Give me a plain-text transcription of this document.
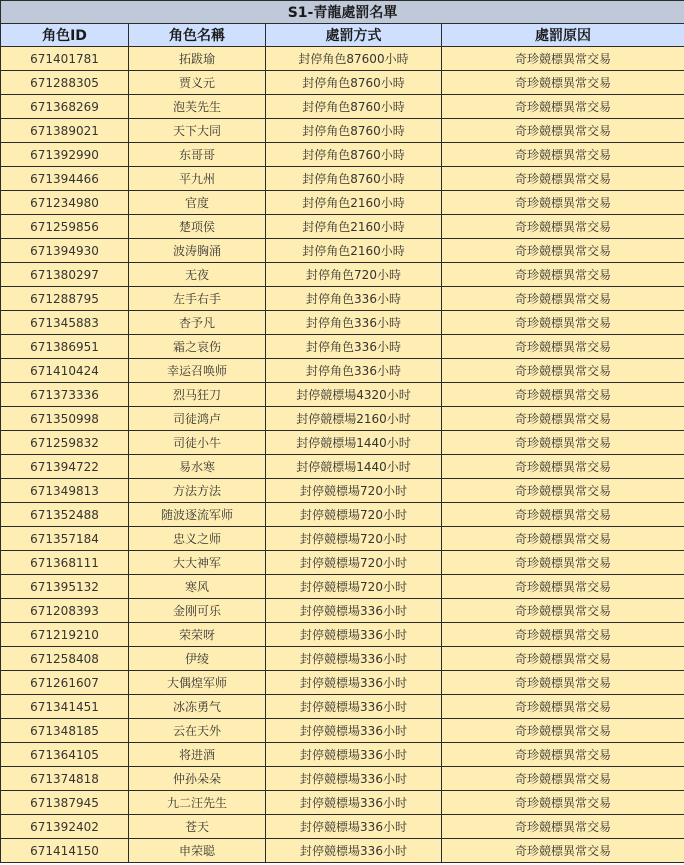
S1-青龍處罰名單			
角色ID	角色名稱	處罰方式	處罰原因
671401781	拓跋瑜	封停角色87600小時	奇珍競標異常交易
671288305	贾义元	封停角色8760小時	奇珍競標異常交易
671368269	泡芙先生	封停角色8760小時	奇珍競標異常交易
671389021	天下大同	封停角色8760小時	奇珍競標異常交易
671392990	东哥哥	封停角色8760小時	奇珍競標異常交易
671394466	平九州	封停角色8760小時	奇珍競標異常交易
671234980	官度	封停角色2160小時	奇珍競標異常交易
671259856	楚项侯	封停角色2160小時	奇珍競標異常交易
671394930	波涛胸涌	封停角色2160小時	奇珍競標異常交易
671380297	无夜	封停角色720小時	奇珍競標異常交易
671288795	左手右手	封停角色336小時	奇珍競標異常交易
671345883	杏予凡	封停角色336小時	奇珍競標異常交易
671386951	霜之哀伤	封停角色336小時	奇珍競標異常交易
671410424	幸运召唤师	封停角色336小時	奇珍競標異常交易
671373336	烈马狂刀	封停競標場4320小时	奇珍競標異常交易
671350998	司徒鸿卢	封停競標場2160小时	奇珍競標異常交易
671259832	司徒小牛	封停競標場1440小时	奇珍競標異常交易
671394722	易水寒	封停競標場1440小时	奇珍競標異常交易
671349813	方法方法	封停競標場720小时	奇珍競標異常交易
671352488	随波逐流军师	封停競標場720小时	奇珍競標異常交易
671357184	忠义之师	封停競標場720小时	奇珍競標異常交易
671368111	大大神军	封停競標場720小时	奇珍競標異常交易
671395132	寒风	封停競標場720小时	奇珍競標異常交易
671208393	金刚可乐	封停競標場336小时	奇珍競標異常交易
671219210	荣荣呀	封停競標場336小时	奇珍競標異常交易
671258408	伊绫	封停競標場336小时	奇珍競標異常交易
671261607	大偶煌军师	封停競標場336小时	奇珍競標異常交易
671341451	冰冻勇气	封停競標場336小时	奇珍競標異常交易
671348185	云在天外	封停競標場336小时	奇珍競標異常交易
671364105	将进酒	封停競標場336小时	奇珍競標異常交易
671374818	仲孙朵朵	封停競標場336小时	奇珍競標異常交易
671387945	九二汪先生	封停競標場336小时	奇珍競標異常交易
671392402	苍天	封停競標場336小时	奇珍競標異常交易
671414150	申荣聪	封停競標場336小时	奇珍競標異常交易
